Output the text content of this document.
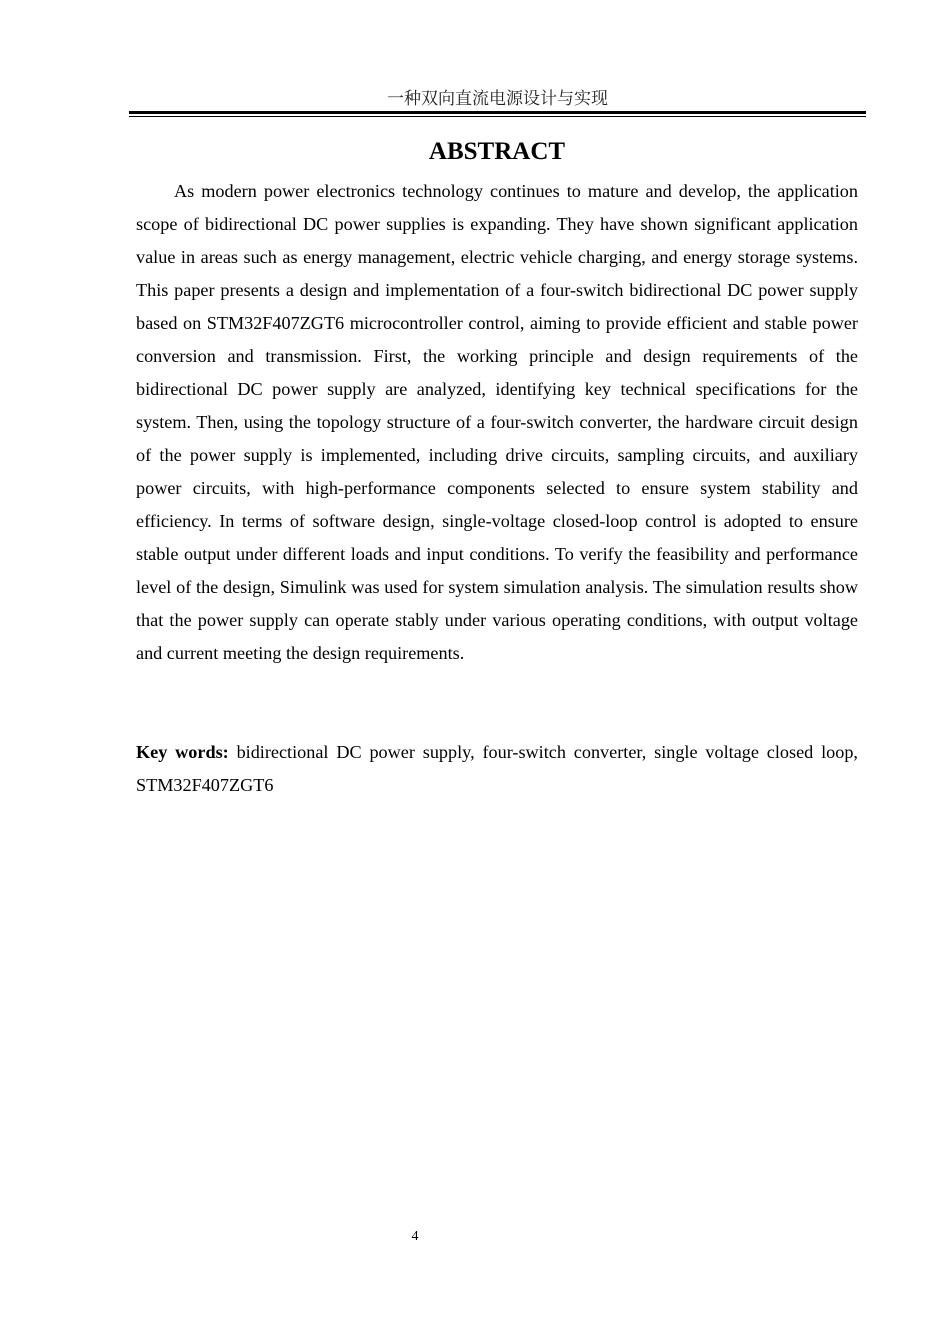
一种双向直流电源设计与实现
ABSTRACT

As modern power electronics technology continues to mature and develop, the application scope of bidirectional DC power supplies is expanding. They have shown significant application value in areas such as energy management, electric vehicle charging, and energy storage systems. This paper presents a design and implementation of a four-switch bidirectional DC power supply based on STM32F407ZGT6 microcontroller control, aiming to provide efficient and stable power conversion and transmission. First, the working principle and design requirements of the bidirectional DC power supply are analyzed, identifying key technical specifications for the system. Then, using the topology structure of a four-switch converter, the hardware circuit design of the power supply is implemented, including drive circuits, sampling circuits, and auxiliary power circuits, with high-performance components selected to ensure system stability and efficiency. In terms of software design, single-voltage closed-loop control is adopted to ensure stable output under different loads and input conditions. To verify the feasibility and performance level of the design, Simulink was used for system simulation analysis. The simulation results show that the power supply can operate stably under various operating conditions, with output voltage and current meeting the design requirements.

Key words: bidirectional DC power supply, four-switch converter, single voltage closed loop, STM32F407ZGT6

4
